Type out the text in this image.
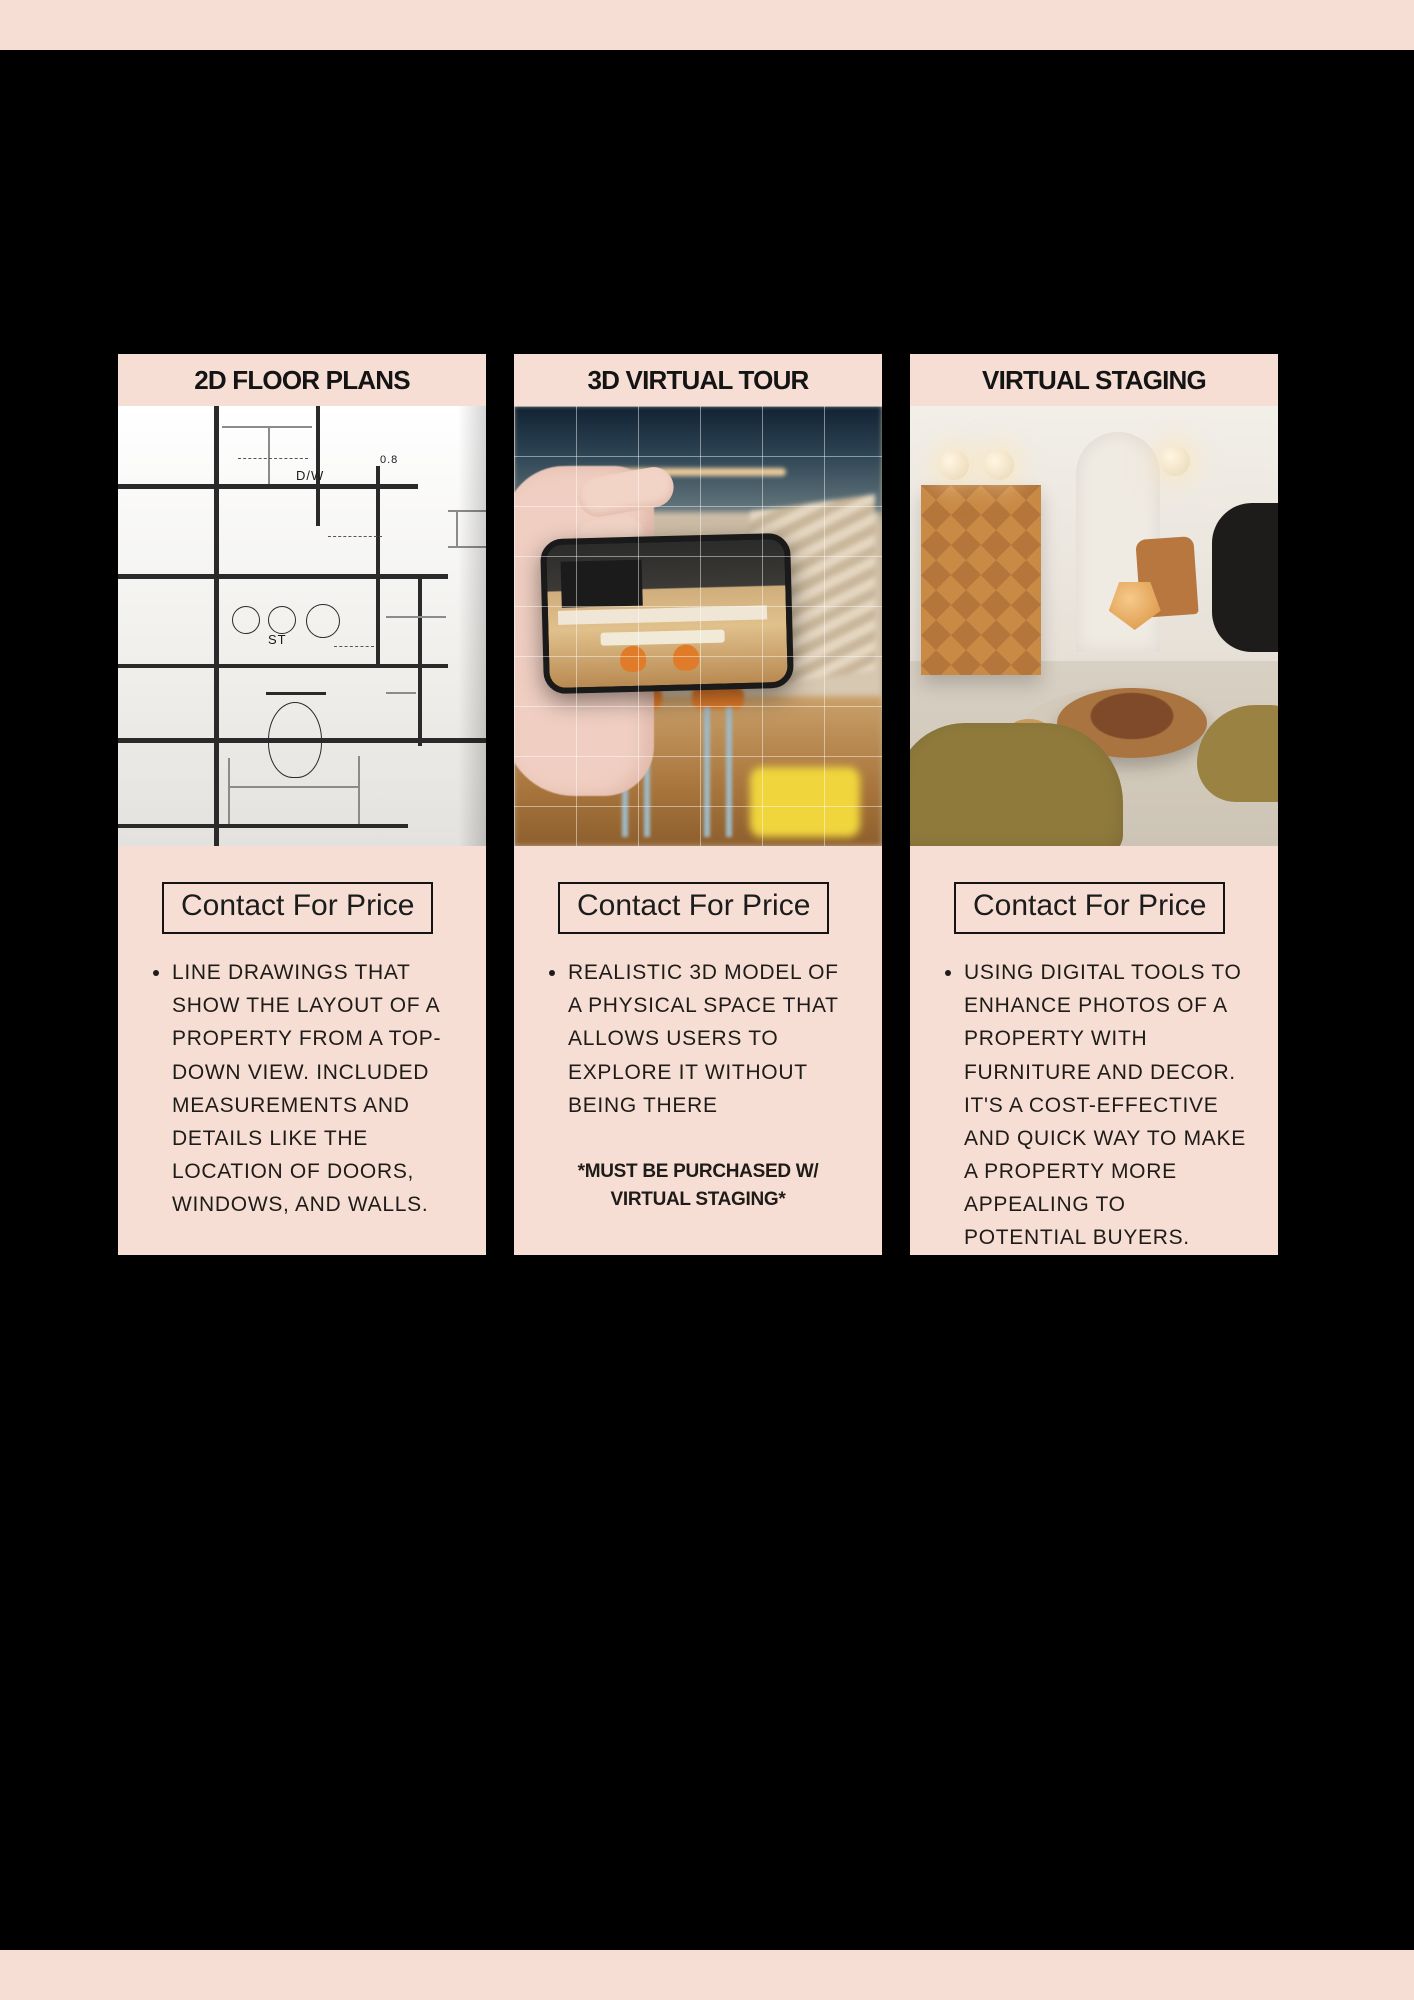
2D FLOOR PLANS
D/W
ST
0.8
Contact For Price
• LINE DRAWINGS THAT SHOW THE LAYOUT OF A PROPERTY FROM A TOP-DOWN VIEW. INCLUDED MEASUREMENTS AND DETAILS LIKE THE LOCATION OF DOORS, WINDOWS, AND WALLS.
3D VIRTUAL TOUR
Contact For Price
• REALISTIC 3D MODEL OF A PHYSICAL SPACE THAT ALLOWS USERS TO EXPLORE IT WITHOUT BEING THERE
*MUST BE PURCHASED W/ VIRTUAL STAGING*
VIRTUAL STAGING
Contact For Price
• USING DIGITAL TOOLS TO ENHANCE PHOTOS OF A PROPERTY WITH FURNITURE AND DECOR. IT'S A COST-EFFECTIVE AND QUICK WAY TO MAKE A PROPERTY MORE APPEALING TO POTENTIAL BUYERS.
